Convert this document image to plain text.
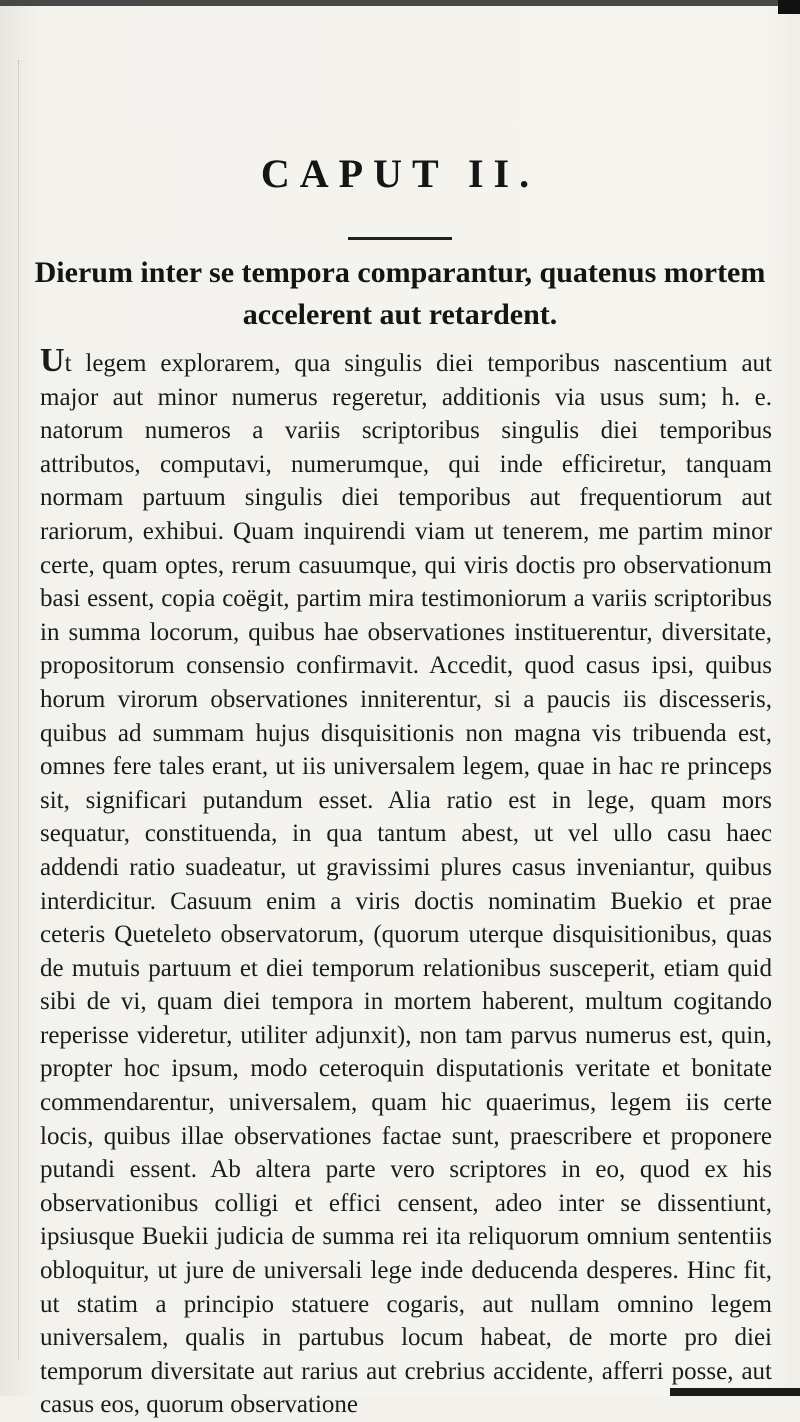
CAPUT II.
Dierum inter se tempora comparantur, quatenus mortem accelerent aut retardent.
Ut legem explorarem, qua singulis diei temporibus nascentium aut major aut minor numerus regeretur, additionis via usus sum; h. e. natorum numeros a variis scriptoribus singulis diei temporibus attributos, computavi, numerumque, qui inde efficiretur, tanquam normam partuum singulis diei temporibus aut frequentiorum aut rariorum, exhibui. Quam inquirendi viam ut tenerem, me partim minor certe, quam optes, rerum casuumque, qui viris doctis pro observationum basi essent, copia coëgit, partim mira testimoniorum a variis scriptoribus in summa locorum, quibus hae observationes instituerentur, diversitate, propositorum consensio confirmavit. Accedit, quod casus ipsi, quibus horum virorum observationes inniterentur, si a paucis iis discesseris, quibus ad summam hujus disquisitionis non magna vis tribuenda est, omnes fere tales erant, ut iis universalem legem, quae in hac re princeps sit, significari putandum esset. Alia ratio est in lege, quam mors sequatur, constituenda, in qua tantum abest, ut vel ullo casu haec addendi ratio suadeatur, ut gravissimi plures casus inveniantur, quibus interdicitur. Casuum enim a viris doctis nominatim Buekio et prae ceteris Queteleto observatorum, (quorum uterque disquisitionibus, quas de mutuis partuum et diei temporum relationibus susceperit, etiam quid sibi de vi, quam diei tempora in mortem haberent, multum cogitando reperisse videretur, utiliter adjunxit), non tam parvus numerus est, quin, propter hoc ipsum, modo ceteroquin disputationis veritate et bonitate commendarentur, universalem, quam hic quaerimus, legem iis certe locis, quibus illae observationes factae sunt, praescribere et proponere putandi essent. Ab altera parte vero scriptores in eo, quod ex his observationibus colligi et effici censent, adeo inter se dissentiunt, ipsiusque Buekii judicia de summa rei ita reliquorum omnium sententiis obloquitur, ut jure de universali lege inde deducenda desperes. Hinc fit, ut statim a principio statuere cogaris, aut nullam omnino legem universalem, qualis in partubus locum habeat, de morte pro diei temporum diversitate aut rarius aut crebrius accidente, afferri posse, aut casus eos, quorum observatione
